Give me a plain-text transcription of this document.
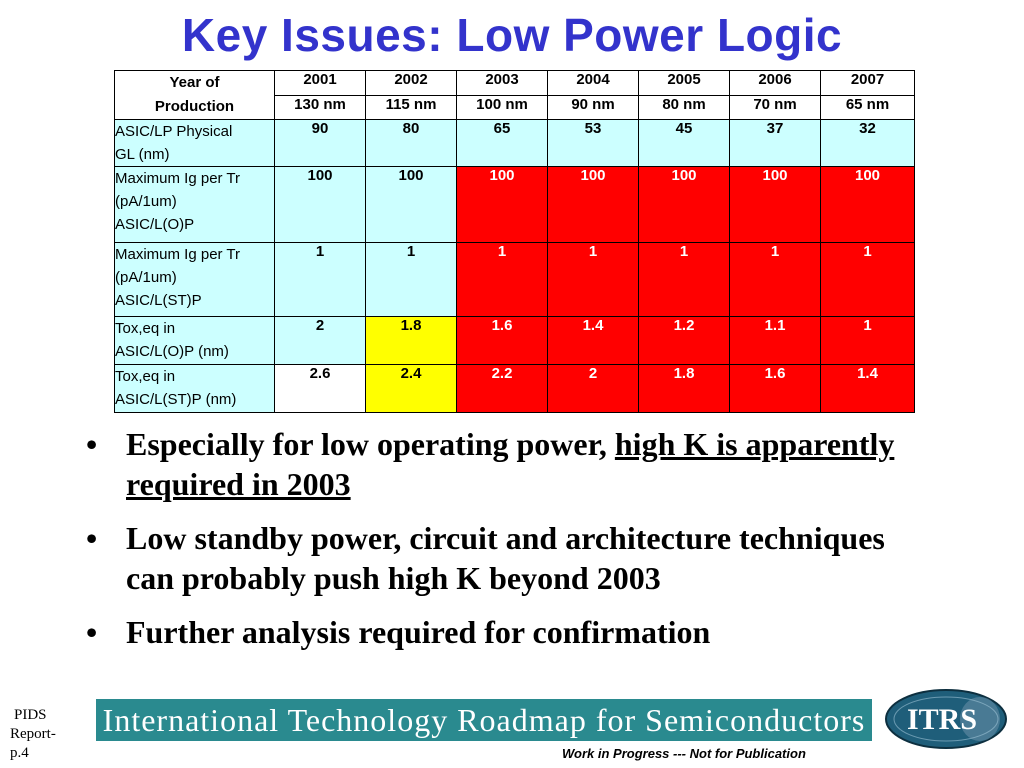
Key Issues: Low Power Logic
Year of
Production	2001	2002	2003	2004	2005	2006	2007
	130 nm	115 nm	100 nm	90 nm	80 nm	70 nm	65 nm

ASIC/LP Physical
GL (nm)	90	80	65	53	45	37	32

Maximum Ig per Tr
(pA/1um)
ASIC/L(O)P	100	100	100	100	100	100	100

Maximum Ig per Tr
(pA/1um)
ASIC/L(ST)P	1	1	1	1	1	1	1

Tox,eq in
ASIC/L(O)P (nm)	2	1.8	1.6	1.4	1.2	1.1	1

Tox,eq in
ASIC/L(ST)P (nm)	2.6	2.4	2.2	2	1.8	1.6	1.4
• Especially for low operating power, high K is apparently required in 2003
• Low standby power, circuit and architecture techniques can probably push high K beyond 2003
• Further analysis required for confirmation
PIDS
Report-
p.4
International Technology Roadmap for Semiconductors ITRS
Work in Progress --- Not for Publication
